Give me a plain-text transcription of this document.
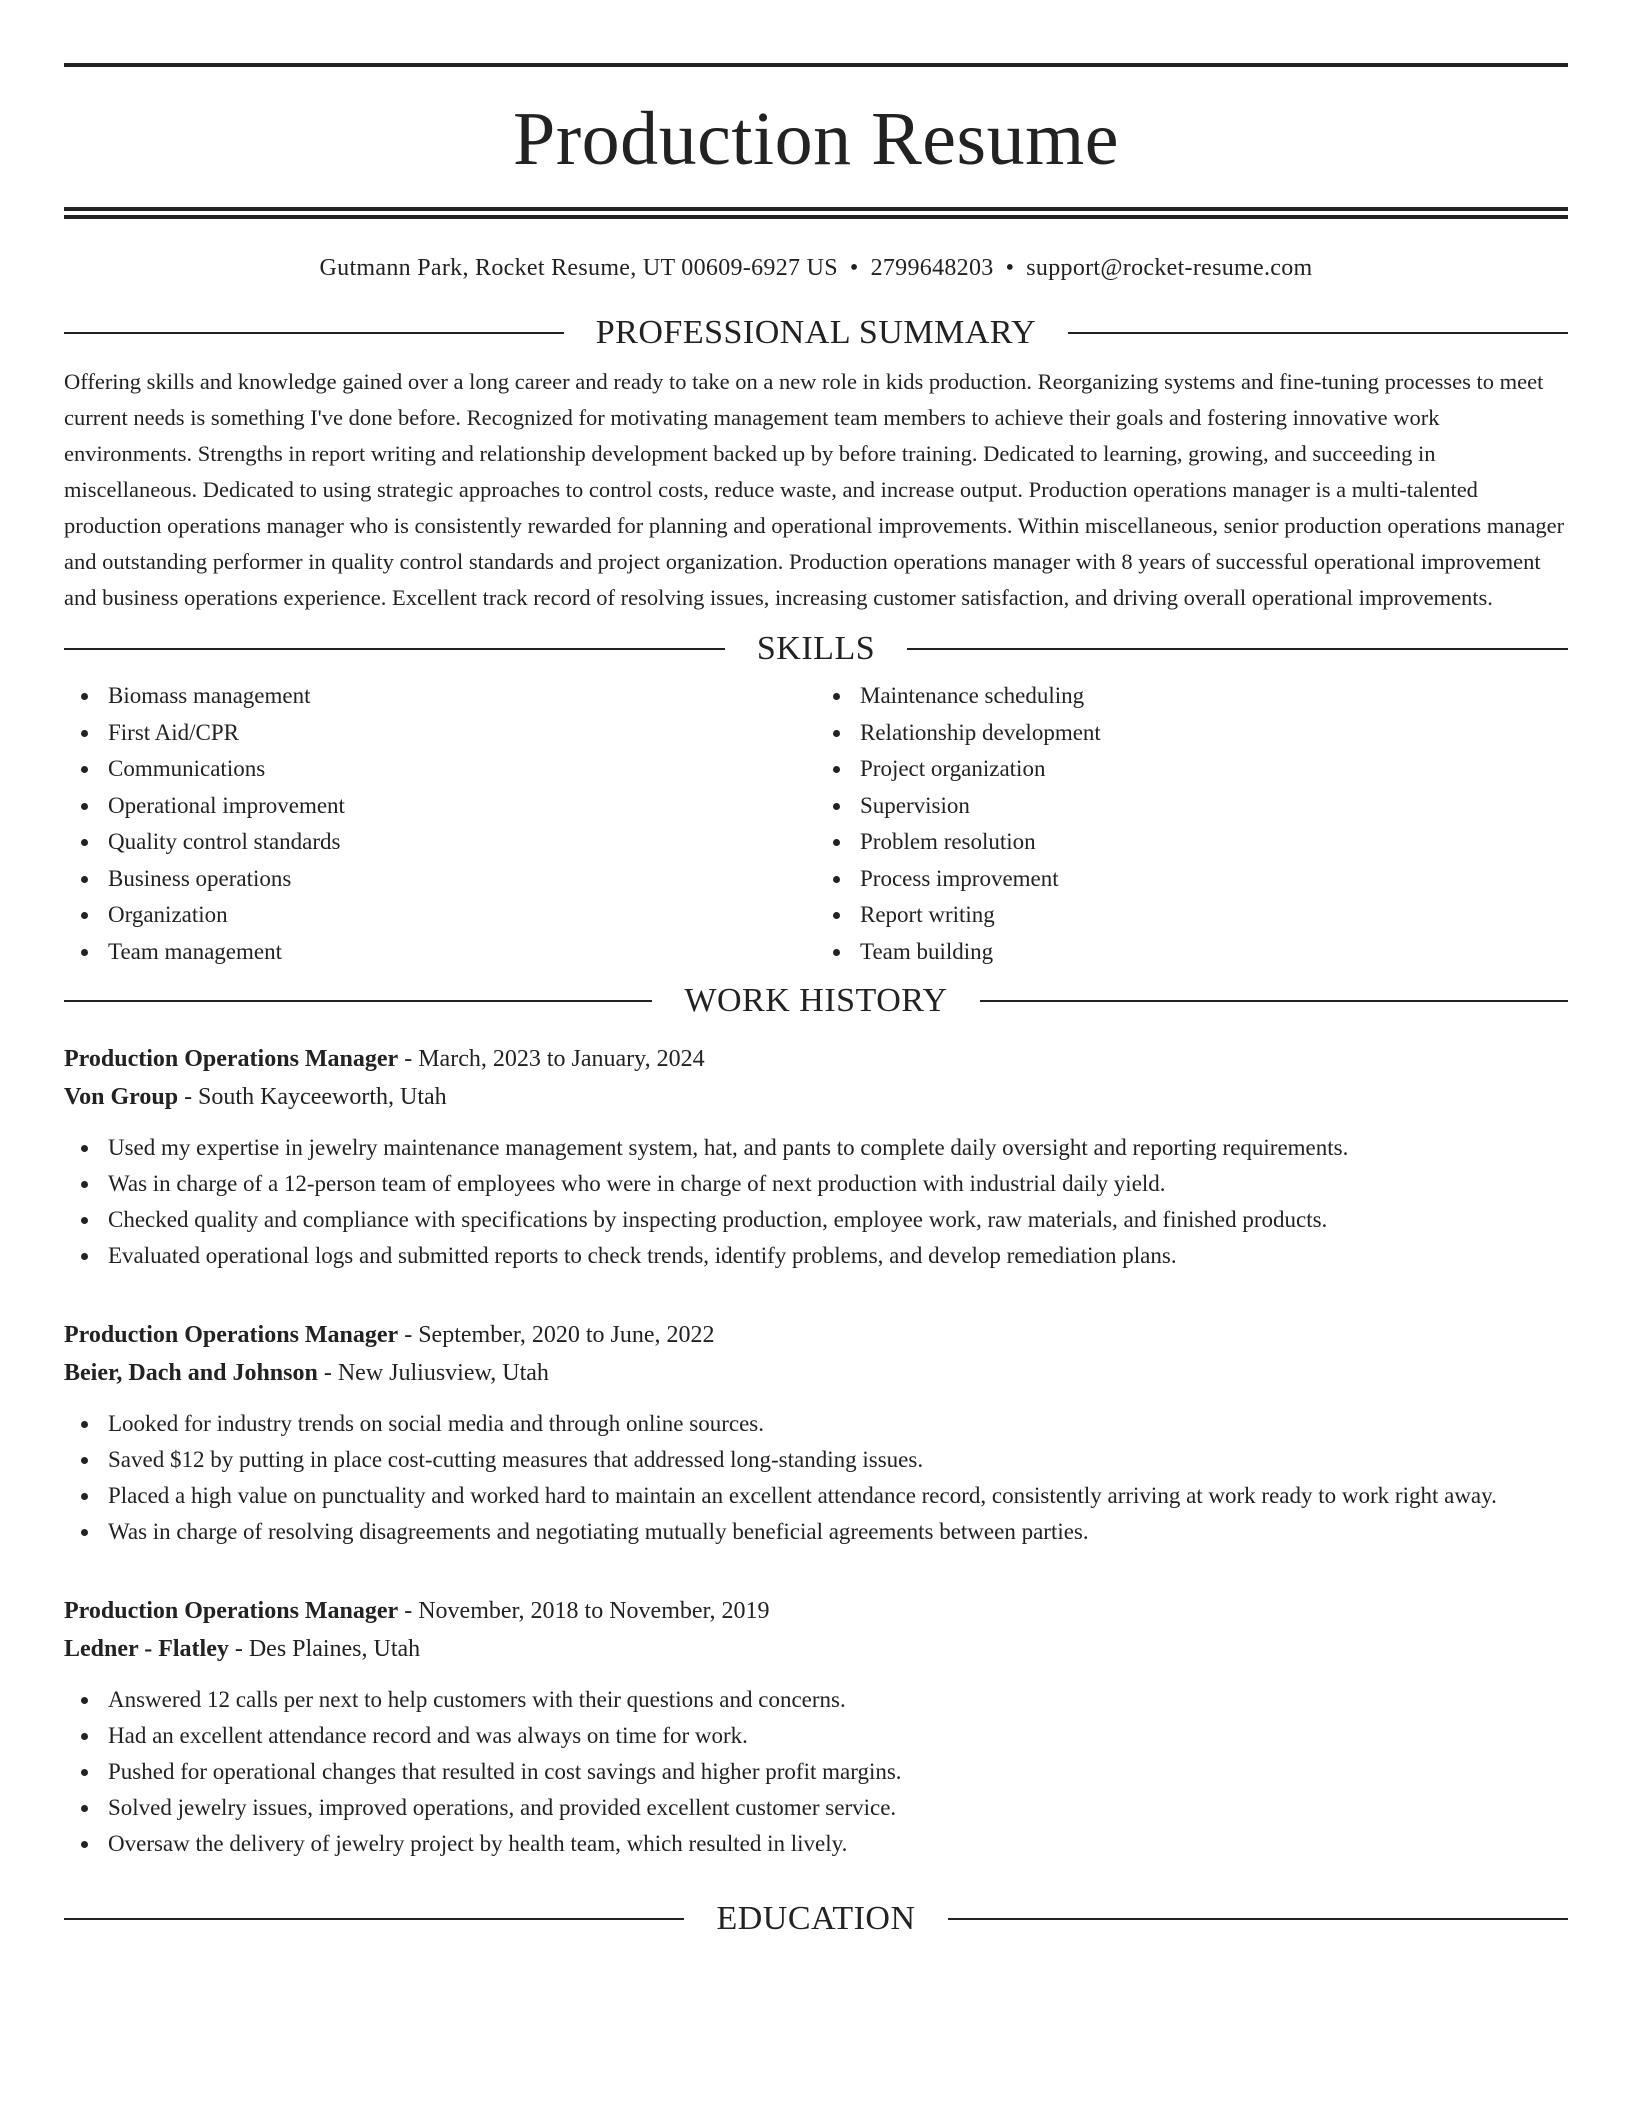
Production Resume
Gutmann Park, Rocket Resume, UT 00609-6927 US • 2799648203 • support@rocket-resume.com
PROFESSIONAL SUMMARY

Offering skills and knowledge gained over a long career and ready to take on a new role in kids production. Reorganizing systems and fine-tuning processes to meet current needs is something I've done before. Recognized for motivating management team members to achieve their goals and fostering innovative work environments. Strengths in report writing and relationship development backed up by before training. Dedicated to learning, growing, and succeeding in miscellaneous. Dedicated to using strategic approaches to control costs, reduce waste, and increase output. Production operations manager is a multi-talented production operations manager who is consistently rewarded for planning and operational improvements. Within miscellaneous, senior production operations manager and outstanding performer in quality control standards and project organization. Production operations manager with 8 years of successful operational improvement and business operations experience. Excellent track record of resolving issues, increasing customer satisfaction, and driving overall operational improvements.

SKILLS
Biomass management
First Aid/CPR
Communications
Operational improvement
Quality control standards
Business operations
Organization
Team management
Maintenance scheduling
Relationship development
Project organization
Supervision
Problem resolution
Process improvement
Report writing
Team building
WORK HISTORY
Production Operations Manager - March, 2023 to January, 2024
Von Group - South Kayceeworth, Utah
Used my expertise in jewelry maintenance management system, hat, and pants to complete daily oversight and reporting requirements.
Was in charge of a 12-person team of employees who were in charge of next production with industrial daily yield.
Checked quality and compliance with specifications by inspecting production, employee work, raw materials, and finished products.
Evaluated operational logs and submitted reports to check trends, identify problems, and develop remediation plans.
Production Operations Manager - September, 2020 to June, 2022
Beier, Dach and Johnson - New Juliusview, Utah
Looked for industry trends on social media and through online sources.
Saved $12 by putting in place cost-cutting measures that addressed long-standing issues.
Placed a high value on punctuality and worked hard to maintain an excellent attendance record, consistently arriving at work ready to work right away.
Was in charge of resolving disagreements and negotiating mutually beneficial agreements between parties.
Production Operations Manager - November, 2018 to November, 2019
Ledner - Flatley - Des Plaines, Utah
Answered 12 calls per next to help customers with their questions and concerns.
Had an excellent attendance record and was always on time for work.
Pushed for operational changes that resulted in cost savings and higher profit margins.
Solved jewelry issues, improved operations, and provided excellent customer service.
Oversaw the delivery of jewelry project by health team, which resulted in lively.
EDUCATION
